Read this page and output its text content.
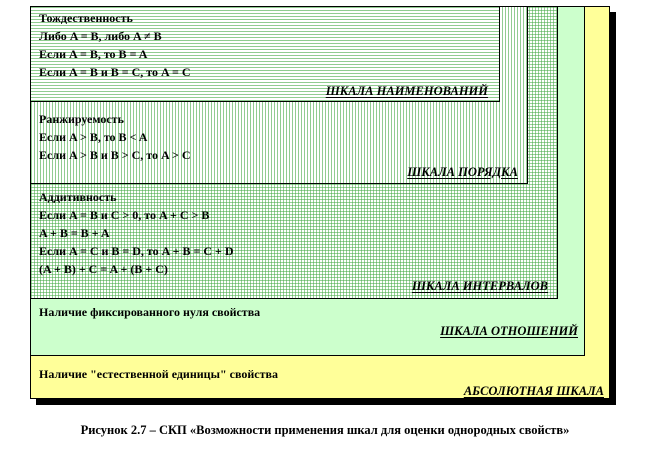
Тождественность
Либо A = B, либо A ≠ B
Если A = B, то B = A
Если A = B и B = C, то A = C
ШКАЛА НАИМЕНОВАНИЙ
Ранжируемость
Если A > B, то B < A
Если A > B и B > C, то A > C
ШКАЛА ПОРЯДКА
Аддитивность
Если A = B и C > 0, то A + C > B
A + B = B + A
Если A = C и B = D, то A + B = C + D
(A + B) + C = A + (B + C)
ШКАЛА ИНТЕРВАЛОВ
Наличие фиксированного нуля свойства
ШКАЛА ОТНОШЕНИЙ
Наличие "естественной единицы" свойства
АБСОЛЮТНАЯ ШКАЛА
Рисунок 2.7 – СКП «Возможности применения шкал для оценки однородных свойств»
